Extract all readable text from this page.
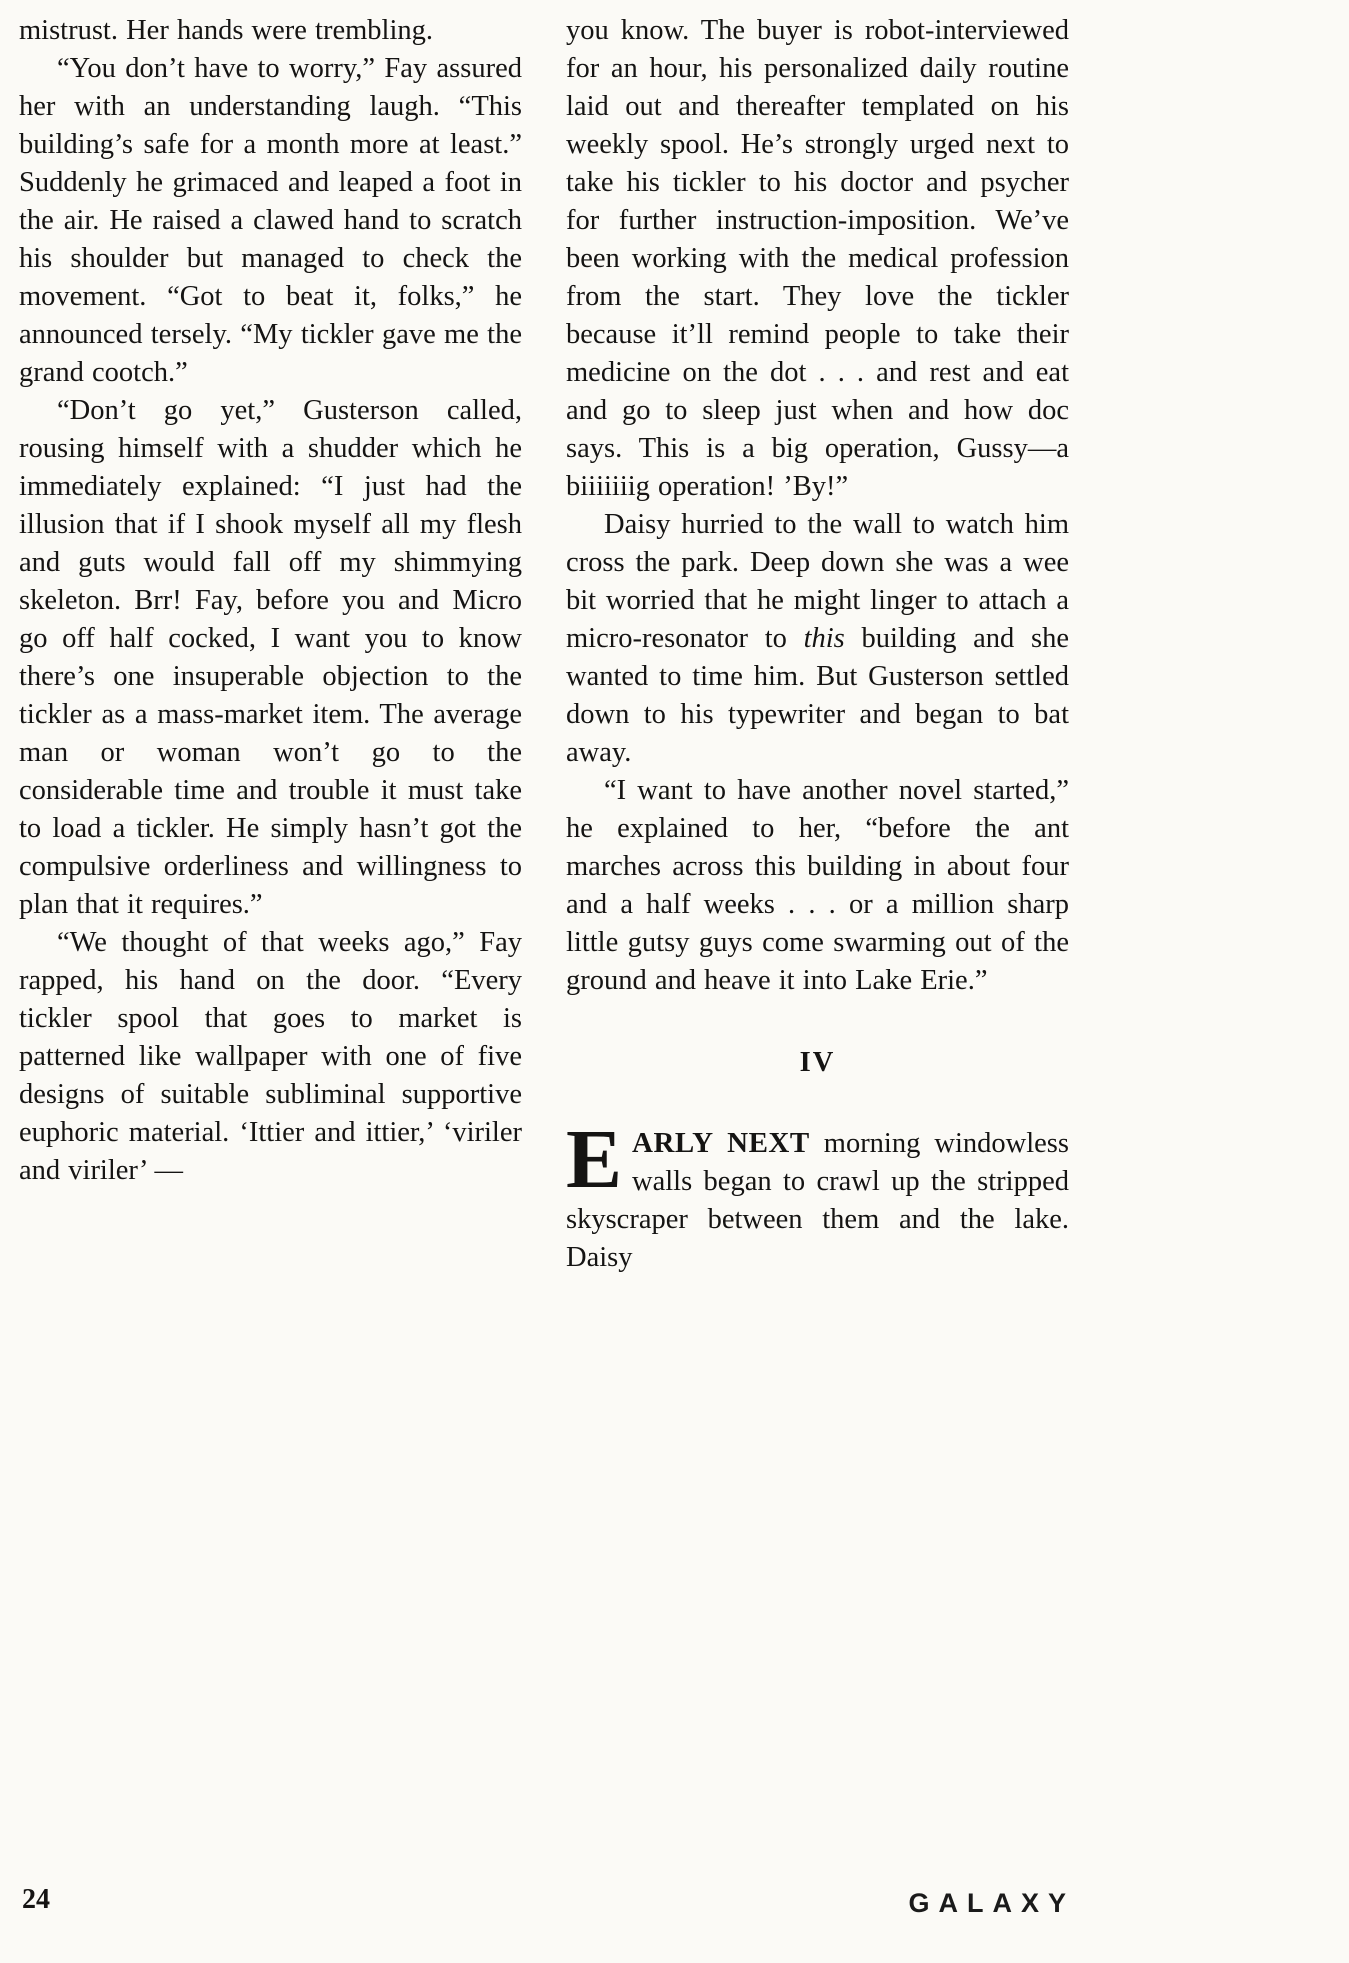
mistrust. Her hands were trembling.

“You don’t have to worry,” Fay assured her with an understanding laugh. “This building’s safe for a month more at least.” Suddenly he grimaced and leaped a foot in the air. He raised a clawed hand to scratch his shoulder but managed to check the movement. “Got to beat it, folks,” he announced tersely. “My tickler gave me the grand cootch.”

“Don’t go yet,” Gusterson called, rousing himself with a shudder which he immediately explained: “I just had the illusion that if I shook myself all my flesh and guts would fall off my shimmying skeleton. Brr! Fay, before you and Micro go off half cocked, I want you to know there’s one insuperable objection to the tickler as a mass-market item. The average man or woman won’t go to the considerable time and trouble it must take to load a tickler. He simply hasn’t got the compulsive orderliness and willingness to plan that it requires.”

“We thought of that weeks ago,” Fay rapped, his hand on the door. “Every tickler spool that goes to market is patterned like wallpaper with one of five designs of suitable subliminal supportive euphoric material. ‘Ittier and ittier,’ ‘viriler and viriler’ —

you know. The buyer is robot-interviewed for an hour, his personalized daily routine laid out and thereafter templated on his weekly spool. He’s strongly urged next to take his tickler to his doctor and psycher for further instruction-imposition. We’ve been working with the medical profession from the start. They love the tickler because it’ll remind people to take their medicine on the dot . . . and rest and eat and go to sleep just when and how doc says. This is a big operation, Gussy—a biiiiiiig operation! ’By!”

Daisy hurried to the wall to watch him cross the park. Deep down she was a wee bit worried that he might linger to attach a micro-resonator to this building and she wanted to time him. But Gusterson settled down to his typewriter and began to bat away.

“I want to have another novel started,” he explained to her, “before the ant marches across this building in about four and a half weeks . . . or a million sharp little gutsy guys come swarming out of the ground and heave it into Lake Erie.”

IV

EARLY NEXT morning windowless walls began to crawl up the stripped skyscraper between them and the lake. Daisy

24	GALAXY
